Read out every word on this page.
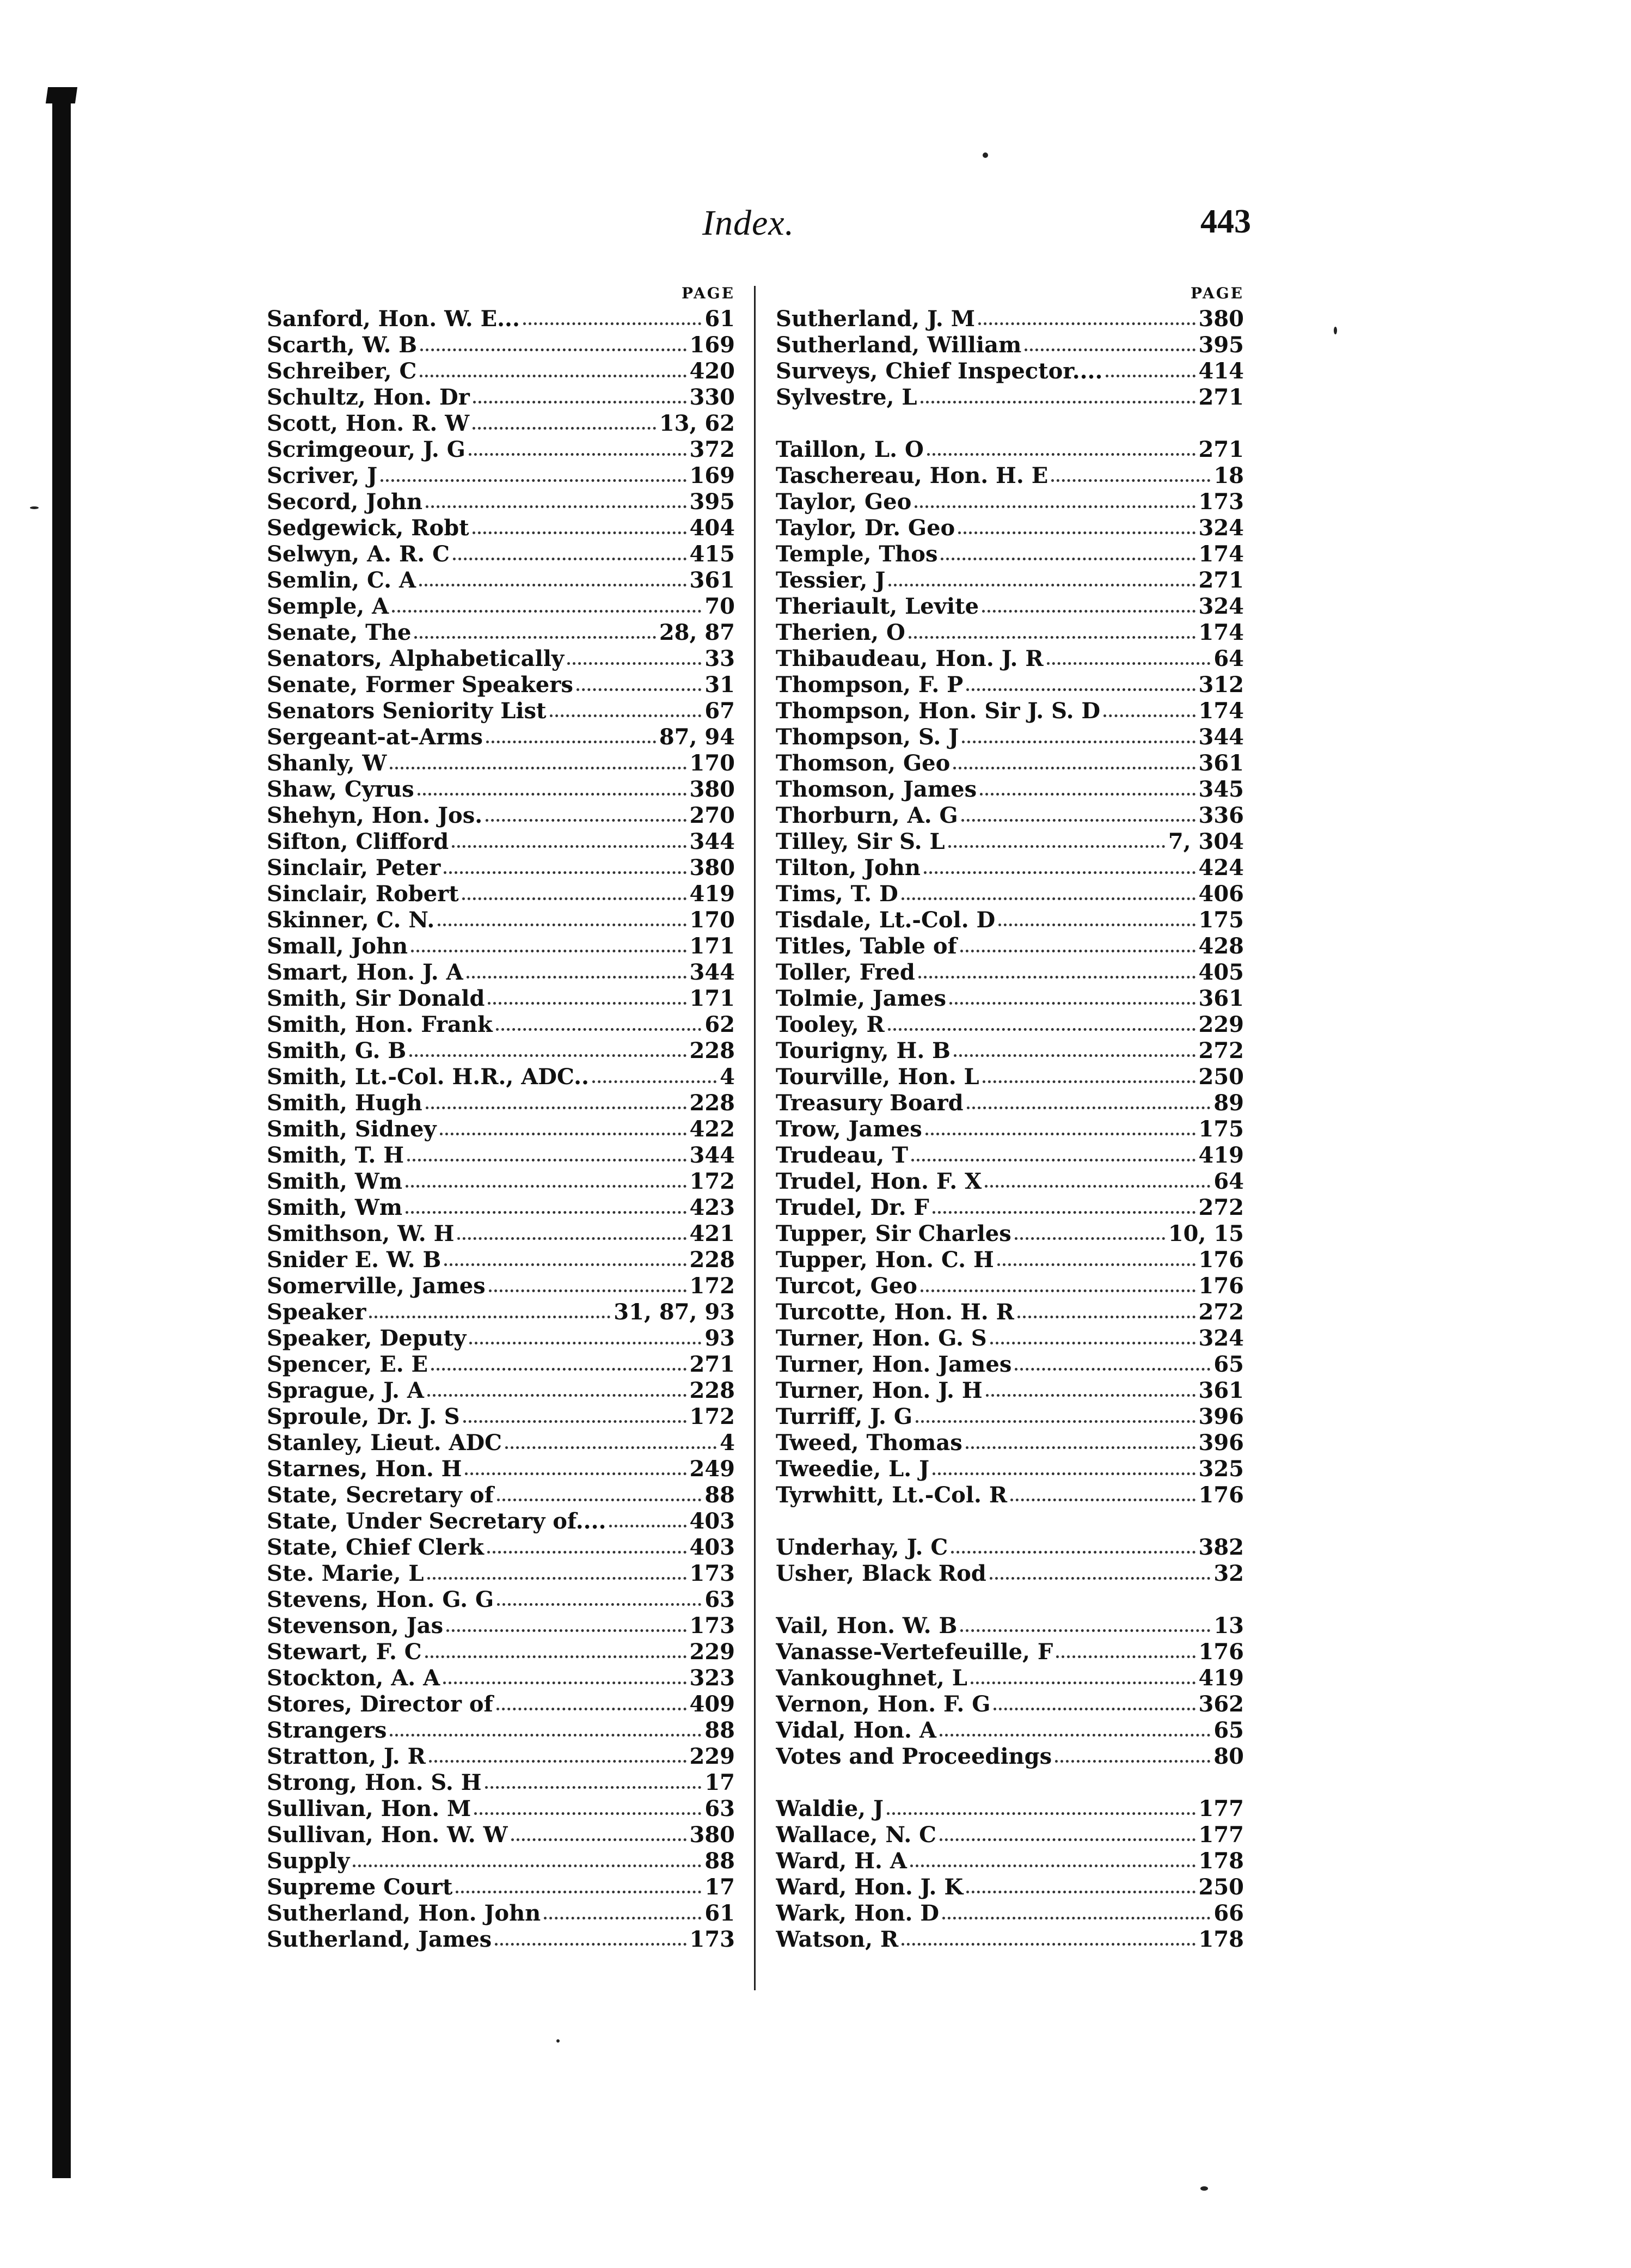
Index.	443
PAGE
Sanford, Hon. W. E...	61
Scarth, W. B	169
Schreiber, C	420
Schultz, Hon. Dr	330
Scott, Hon. R. W	13, 62
Scrimgeour, J. G	372
Scriver, J	169
Secord, John	395
Sedgewick, Robt	404
Selwyn, A. R. C	415
Semlin, C. A	361
Semple, A	70
Senate, The	28, 87
Senators, Alphabetically	33
Senate, Former Speakers	31
Senators Seniority List	67
Sergeant-at-Arms	87, 94
Shanly, W	170
Shaw, Cyrus	380
Shehyn, Hon. Jos.	270
Sifton, Clifford	344
Sinclair, Peter	380
Sinclair, Robert	419
Skinner, C. N.	170
Small, John	171
Smart, Hon. J. A	344
Smith, Sir Donald	171
Smith, Hon. Frank	62
Smith, G. B	228
Smith, Lt.-Col. H.R., ADC..	4
Smith, Hugh	228
Smith, Sidney	422
Smith, T. H	344
Smith, Wm	172
Smith, Wm	423
Smithson, W. H	421
Snider E. W. B	228
Somerville, James	172
Speaker	31, 87, 93
Speaker, Deputy	93
Spencer, E. E	271
Sprague, J. A	228
Sproule, Dr. J. S	172
Stanley, Lieut. ADC	4
Starnes, Hon. H	249
State, Secretary of	88
State, Under Secretary of....	403
State, Chief Clerk	403
Ste. Marie, L	173
Stevens, Hon. G. G	63
Stevenson, Jas	173
Stewart, F. C	229
Stockton, A. A	323
Stores, Director of	409
Strangers	88
Stratton, J. R	229
Strong, Hon. S. H	17
Sullivan, Hon. M	63
Sullivan, Hon. W. W	380
Supply	88
Supreme Court	17
Sutherland, Hon. John	61
Sutherland, James	173
PAGE
Sutherland, J. M	380
Sutherland, William	395
Surveys, Chief Inspector....	414
Sylvestre, L	271
Taillon, L. O	271
Taschereau, Hon. H. E	18
Taylor, Geo	173
Taylor, Dr. Geo	324
Temple, Thos	174
Tessier, J	271
Theriault, Levite	324
Therien, O	174
Thibaudeau, Hon. J. R	64
Thompson, F. P	312
Thompson, Hon. Sir J. S. D	174
Thompson, S. J	344
Thomson, Geo	361
Thomson, James	345
Thorburn, A. G	336
Tilley, Sir S. L	7, 304
Tilton, John	424
Tims, T. D	406
Tisdale, Lt.-Col. D	175
Titles, Table of	428
Toller, Fred	405
Tolmie, James	361
Tooley, R	229
Tourigny, H. B	272
Tourville, Hon. L	250
Treasury Board	89
Trow, James	175
Trudeau, T	419
Trudel, Hon. F. X	64
Trudel, Dr. F	272
Tupper, Sir Charles	10, 15
Tupper, Hon. C. H	176
Turcot, Geo	176
Turcotte, Hon. H. R	272
Turner, Hon. G. S	324
Turner, Hon. James	65
Turner, Hon. J. H	361
Turriff, J. G	396
Tweed, Thomas	396
Tweedie, L. J	325
Tyrwhitt, Lt.-Col. R	176
Underhay, J. C	382
Usher, Black Rod	32
Vail, Hon. W. B	13
Vanasse-Vertefeuille, F	176
Vankoughnet, L	419
Vernon, Hon. F. G	362
Vidal, Hon. A	65
Votes and Proceedings	80
Waldie, J	177
Wallace, N. C	177
Ward, H. A	178
Ward, Hon. J. K	250
Wark, Hon. D	66
Watson, R	178
